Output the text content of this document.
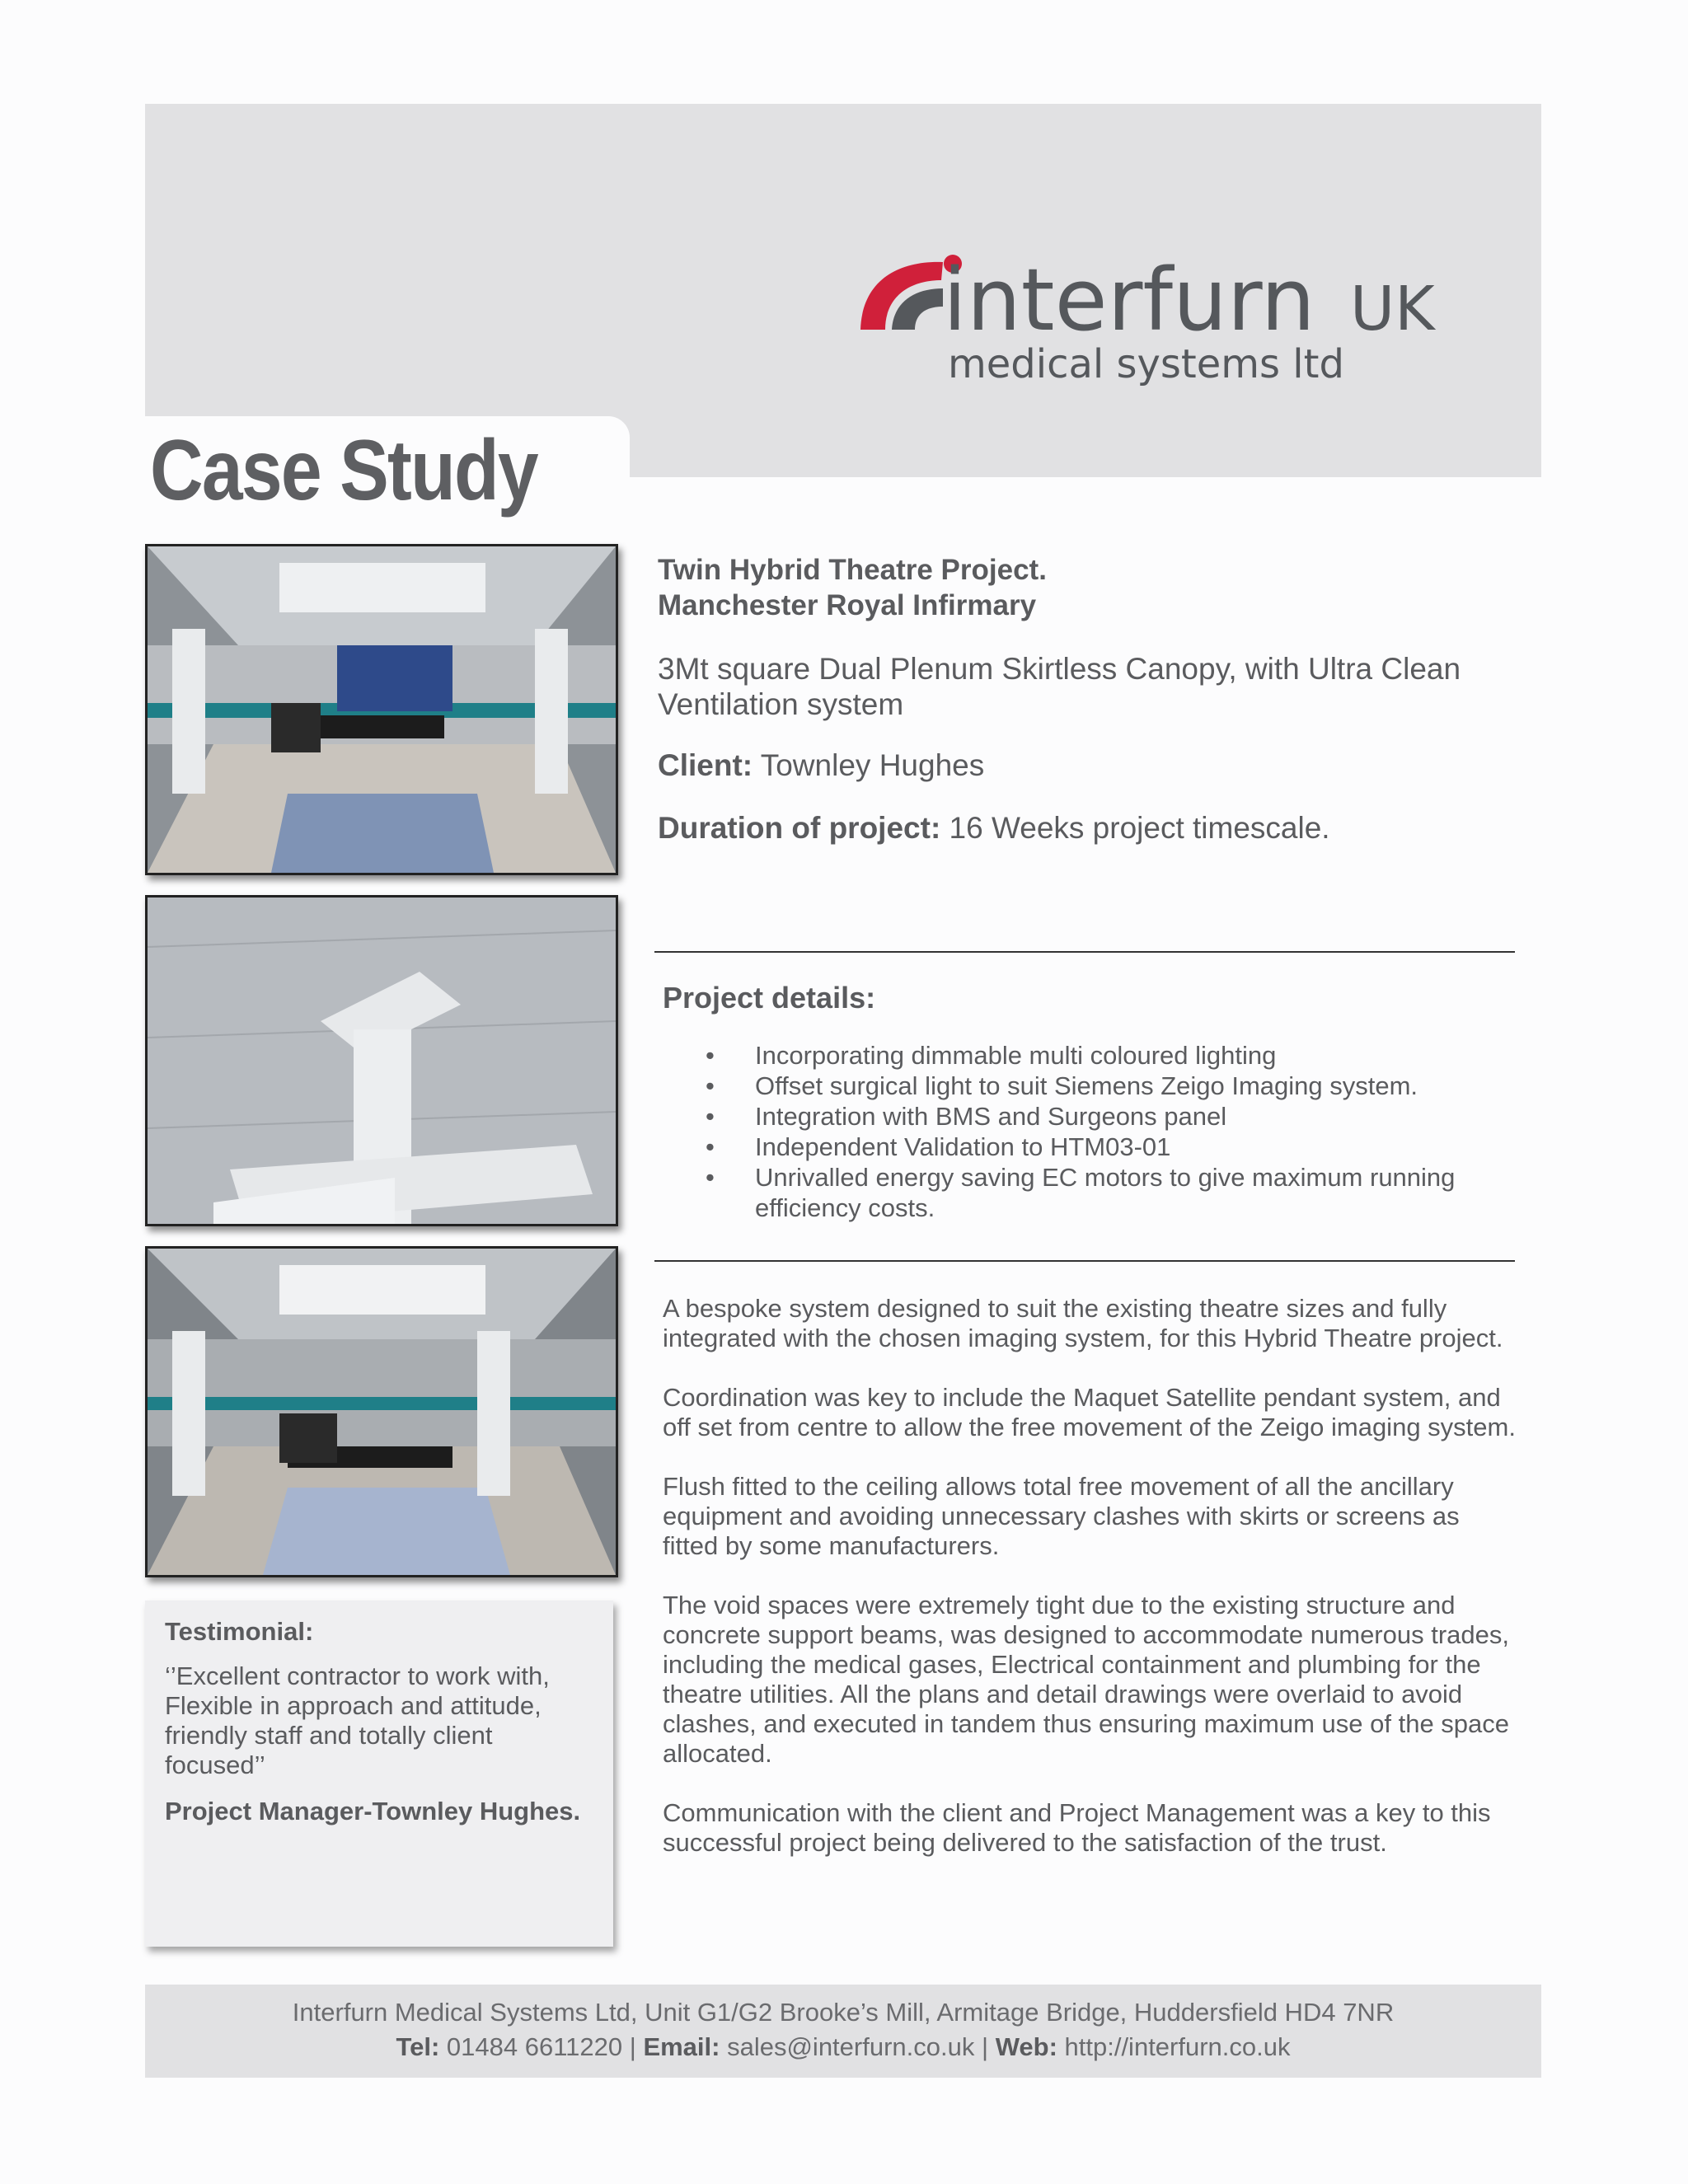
Case Study
interfurn UK
medical systems ltd
Testimonial:

‘’Excellent contractor to work with, Flexible in approach and attitude, friendly staff and totally client focused’’

Project Manager-Townley Hughes.

Twin Hybrid Theatre Project.
Manchester Royal Infirmary
3Mt square Dual Plenum Skirtless Canopy, with Ultra Clean
Ventilation system
Client: Townley Hughes
Duration of project: 16 Weeks project timescale.
Project details:
• Incorporating dimmable multi coloured lighting
• Offset surgical light to suit Siemens Zeigo Imaging system.
• Integration with BMS and Surgeons panel
• Independent Validation to HTM03-01
• Unrivalled energy saving EC motors to give maximum running efficiency costs.

A bespoke system designed to suit the existing theatre sizes and fully integrated with the chosen imaging system, for this Hybrid Theatre project.

Coordination was key to include the Maquet Satellite pendant system, and off set from centre to allow the free movement of the Zeigo imaging system.

Flush fitted to the ceiling allows total free movement of all the ancillary equipment and avoiding unnecessary clashes with skirts or screens as fitted by some manufacturers.

The void spaces were extremely tight due to the existing structure and concrete support beams, was designed to accommodate numerous trades, including the medical gases, Electrical containment and plumbing for the theatre utilities. All the plans and detail drawings were overlaid to avoid clashes, and executed in tandem thus ensuring maximum use of the space allocated.

Communication with the client and Project Management was a key to this successful project being delivered to the satisfaction of the trust.

Interfurn Medical Systems Ltd, Unit G1/G2 Brooke’s Mill, Armitage Bridge, Huddersfield HD4 7NR
Tel: 01484 6611220 | Email: sales@interfurn.co.uk | Web: http://interfurn.co.uk
